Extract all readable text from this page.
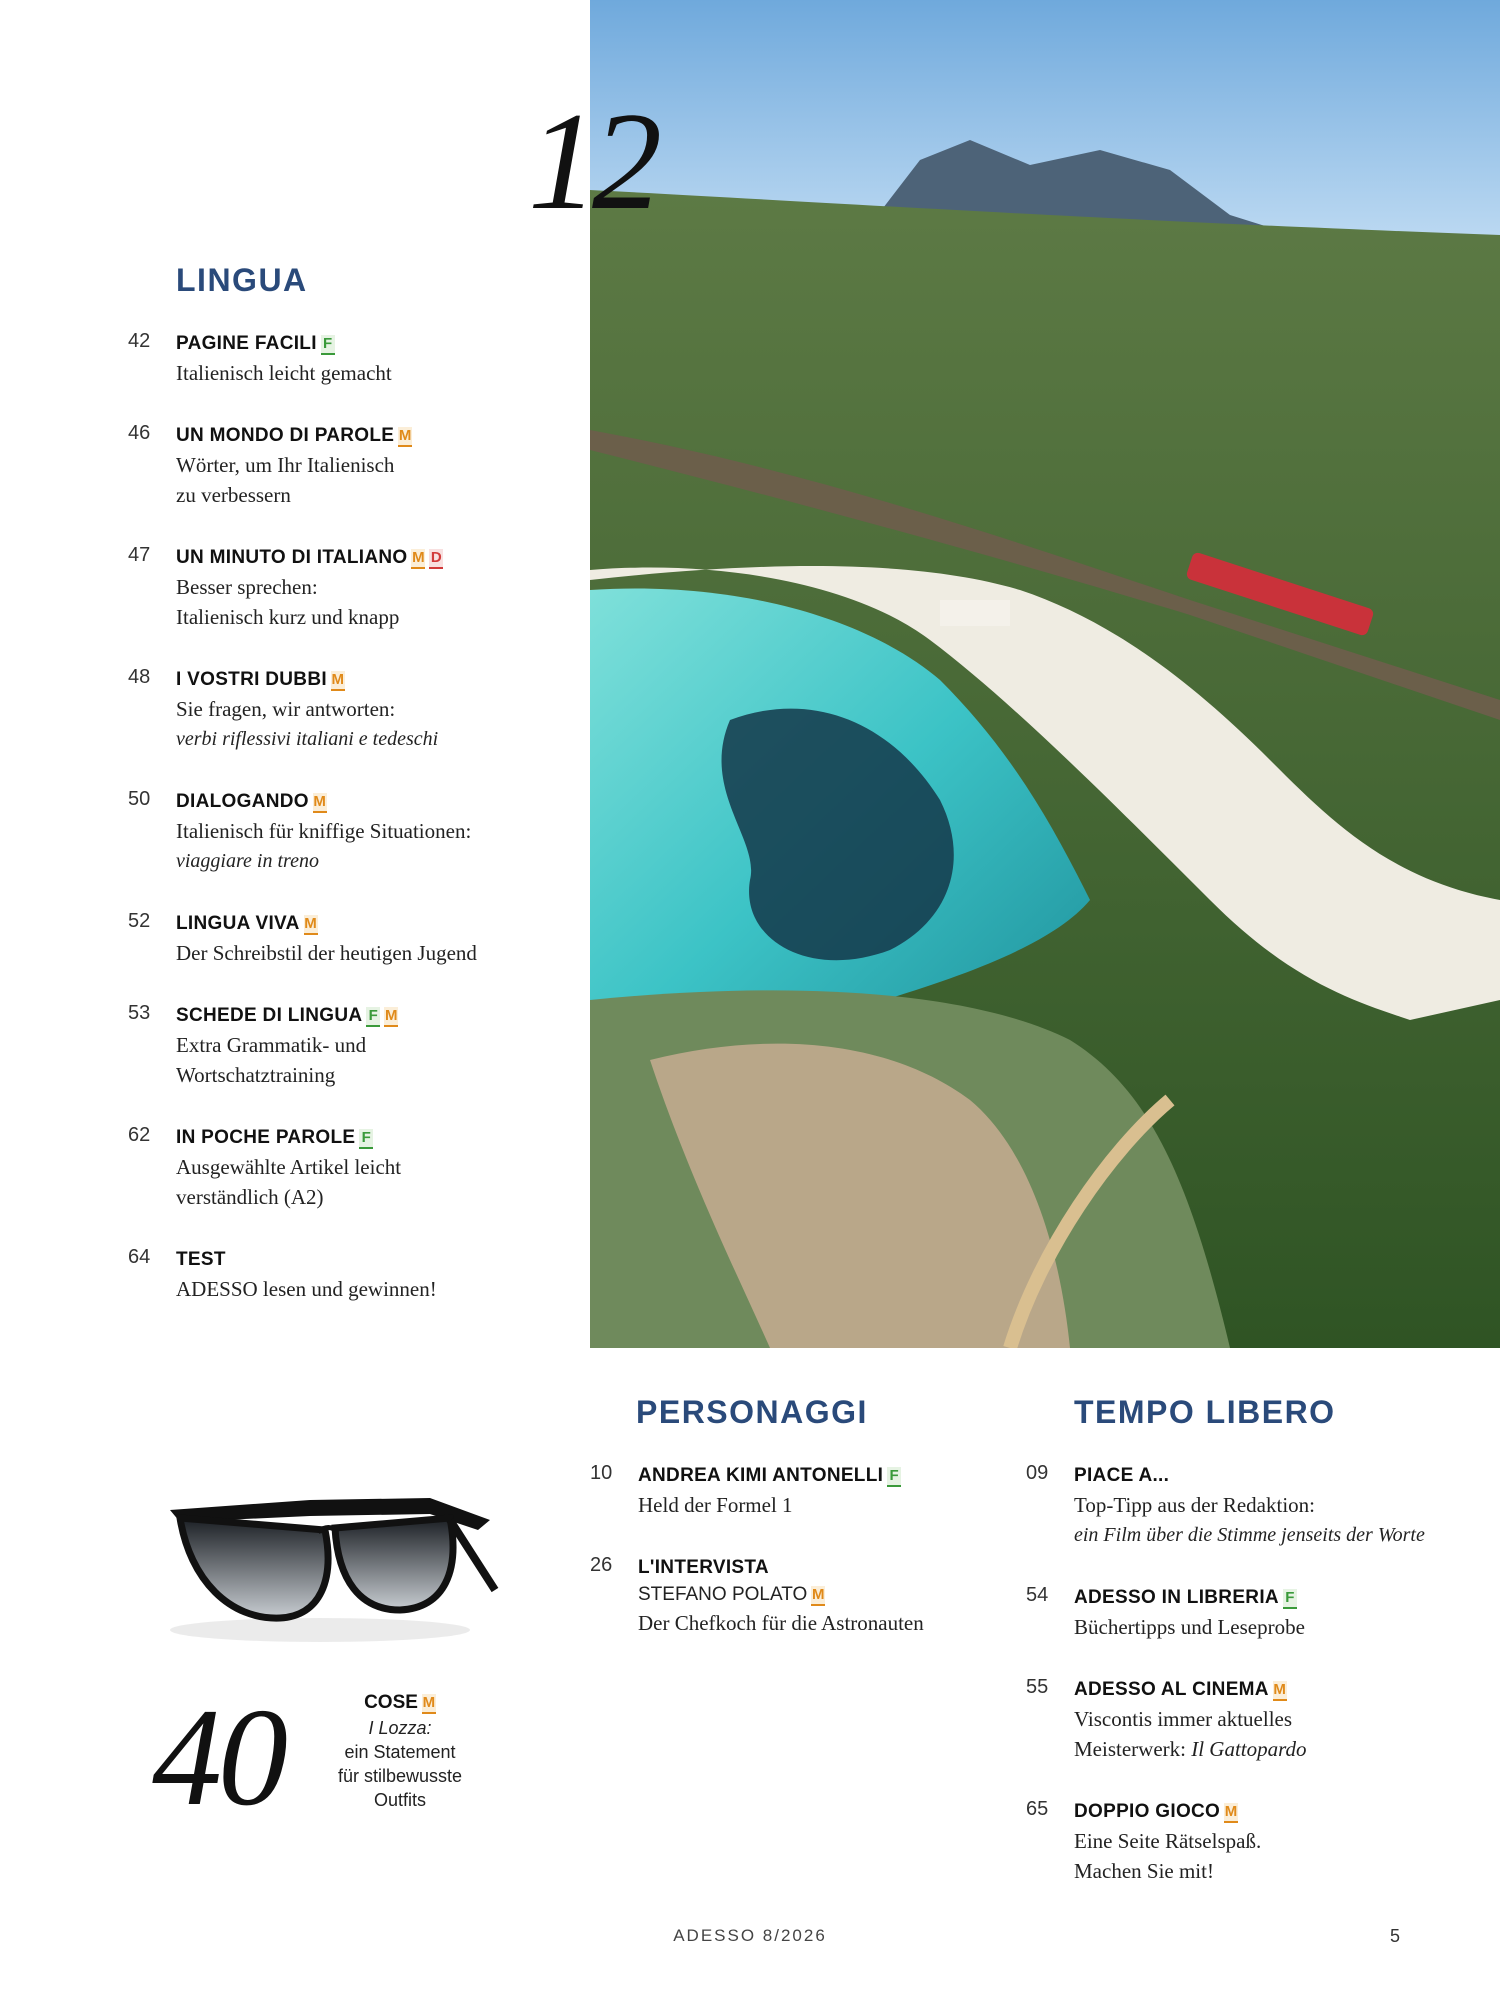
12
LINGUA
42	PAGINE FACILI F
Italienisch leicht gemacht
46	UN MONDO DI PAROLE M
Wörter, um Ihr Italienisch
zu verbessern
47	UN MINUTO DI ITALIANO M D
Besser sprechen:
Italienisch kurz und knapp
48	I VOSTRI DUBBI M
Sie fragen, wir antworten:
verbi riflessivi italiani e tedeschi
50	DIALOGANDO M
Italienisch für kniffige Situationen:
viaggiare in treno
52	LINGUA VIVA M
Der Schreibstil der heutigen Jugend
53	SCHEDE DI LINGUA F M
Extra Grammatik- und
Wortschatztraining
62	IN POCHE PAROLE F
Ausgewählte Artikel leicht
verständlich (A2)
64	TEST
ADESSO lesen und gewinnen!
PERSONAGGI
10	ANDREA KIMI ANTONELLI F
Held der Formel 1
26	L'INTERVISTA
STEFANO POLATO M
Der Chefkoch für die Astronauten
TEMPO LIBERO
09	PIACE A...
Top-Tipp aus der Redaktion:
ein Film über die Stimme jenseits der Worte
54	ADESSO IN LIBRERIA F
Büchertipps und Leseprobe
55	ADESSO AL CINEMA M
Viscontis immer aktuelles
Meisterwerk: Il Gattopardo
65	DOPPIO GIOCO M
Eine Seite Rätselspaß.
Machen Sie mit!
40	COSE M
I Lozza:
ein Statement
für stilbewusste
Outfits
ADESSO 8/2026	5
